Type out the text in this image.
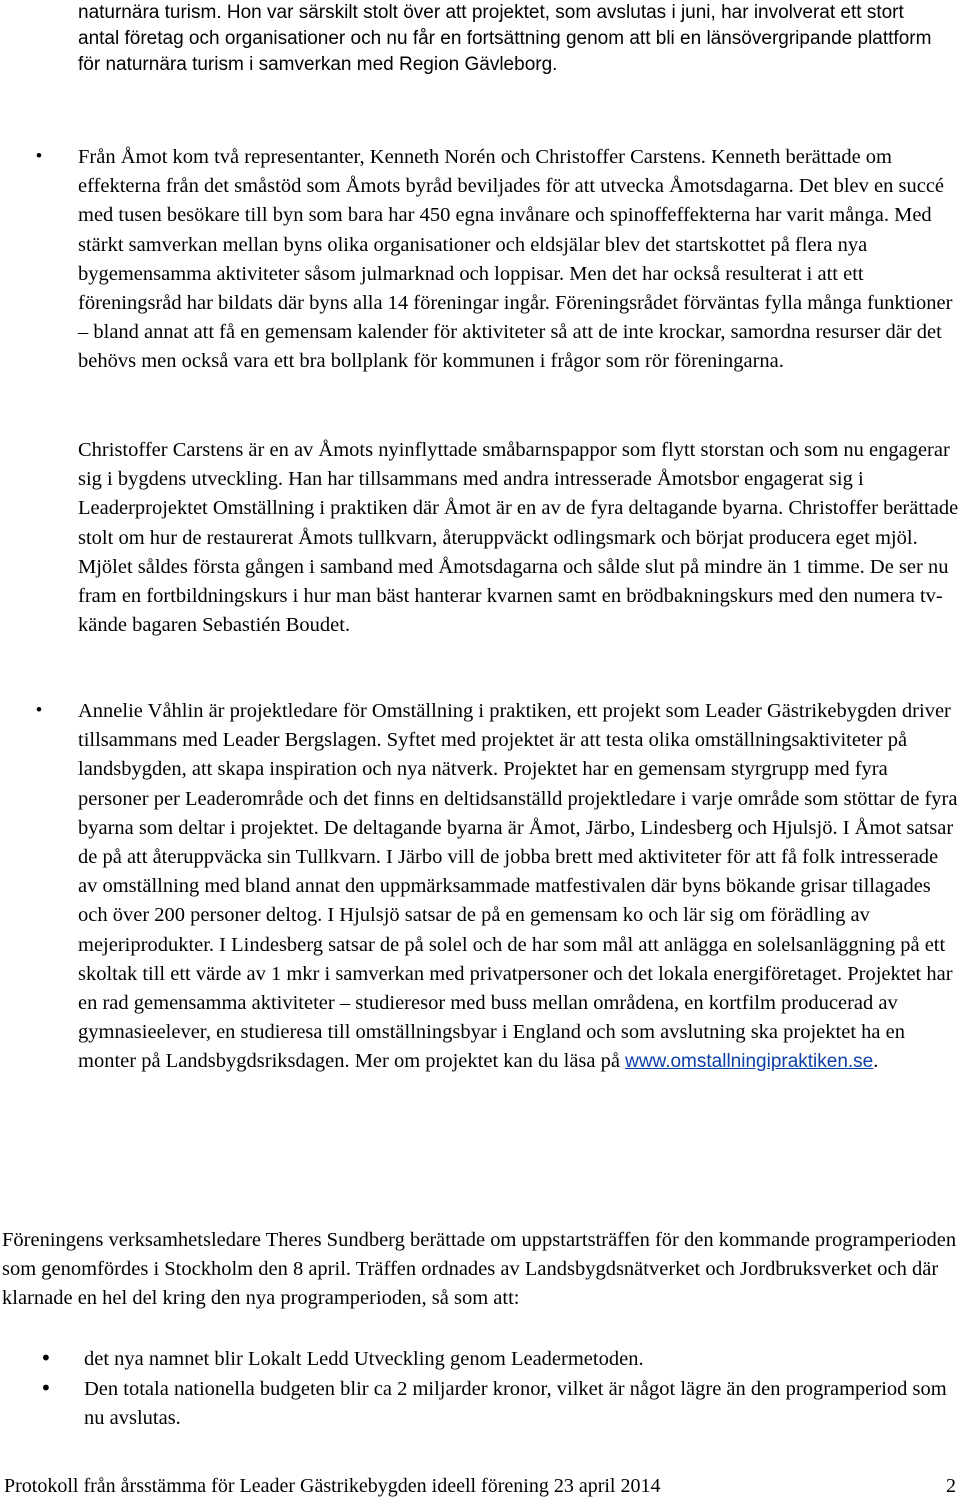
naturnära turism. Hon var särskilt stolt över att projektet, som avslutas i juni, har involverat ett stort antal företag och organisationer och nu får en fortsättning genom att bli en länsövergripande plattform för naturnära turism i samverkan med Region Gävleborg.

• Från Åmot kom två representanter, Kenneth Norén och Christoffer Carstens. Kenneth berättade om effekterna från det småstöd som Åmots byråd beviljades för att utvecka Åmotsdagarna. Det blev en succé med tusen besökare till byn som bara har 450 egna invånare och spinoffeffekterna har varit många. Med stärkt samverkan mellan byns olika organisationer och eldsjälar blev det startskottet på flera nya bygemensamma aktiviteter såsom julmarknad och loppisar. Men det har också resulterat i att ett föreningsråd har bildats där byns alla 14 föreningar ingår. Föreningsrådet förväntas fylla många funktioner – bland annat att få en gemensam kalender för aktiviteter så att de inte krockar, samordna resurser där det behövs men också vara ett bra bollplank för kommunen i frågor som rör föreningarna.

Christoffer Carstens är en av Åmots nyinflyttade småbarnspappor som flytt storstan och som nu engagerar sig i bygdens utveckling. Han har tillsammans med andra intresserade Åmotsbor engagerat sig i Leaderprojektet Omställning i praktiken där Åmot är en av de fyra deltagande byarna. Christoffer berättade stolt om hur de restaurerat Åmots tullkvarn, återuppväckt odlingsmark och börjat producera eget mjöl. Mjölet såldes första gången i samband med Åmotsdagarna och sålde slut på mindre än 1 timme. De ser nu fram en fortbildningskurs i hur man bäst hanterar kvarnen samt en brödbakningskurs med den numera tv-kände bagaren Sebastién Boudet.

• Annelie Våhlin är projektledare för Omställning i praktiken, ett projekt som Leader Gästrikebygden driver tillsammans med Leader Bergslagen. Syftet med projektet är att testa olika omställningsaktiviteter på landsbygden, att skapa inspiration och nya nätverk. Projektet har en gemensam styrgrupp med fyra personer per Leaderområde och det finns en deltidsanställd projektledare i varje område som stöttar de fyra byarna som deltar i projektet. De deltagande byarna är Åmot, Järbo, Lindesberg och Hjulsjö. I Åmot satsar de på att återuppväcka sin Tullkvarn. I Järbo vill de jobba brett med aktiviteter för att få folk intresserade av omställning med bland annat den uppmärksammade matfestivalen där byns bökande grisar tillagades och över 200 personer deltog. I Hjulsjö satsar de på en gemensam ko och lär sig om förädling av mejeriprodukter. I Lindesberg satsar de på solel och de har som mål att anlägga en solelsanläggning på ett skoltak till ett värde av 1 mkr i samverkan med privatpersoner och det lokala energiföretaget. Projektet har en rad gemensamma aktiviteter – studieresor med buss mellan områdena, en kortfilm producerad av gymnasieelever, en studieresa till omställningsbyar i England och som avslutning ska projektet ha en monter på Landsbygdsriksdagen. Mer om projektet kan du läsa på www.omstallningipraktiken.se.

Föreningens verksamhetsledare Theres Sundberg berättade om uppstartsträffen för den kommande programperioden som genomfördes i Stockholm den 8 april. Träffen ordnades av Landsbygdsnätverket och Jordbruksverket och där klarnade en hel del kring den nya programperioden, så som att:

• det nya namnet blir Lokalt Ledd Utveckling genom Leadermetoden.

• Den totala nationella budgeten blir ca 2 miljarder kronor, vilket är något lägre än den programperiod som nu avslutas.

Protokoll från årsstämma för Leader Gästrikebygden ideell förening 23 april 2014	2
